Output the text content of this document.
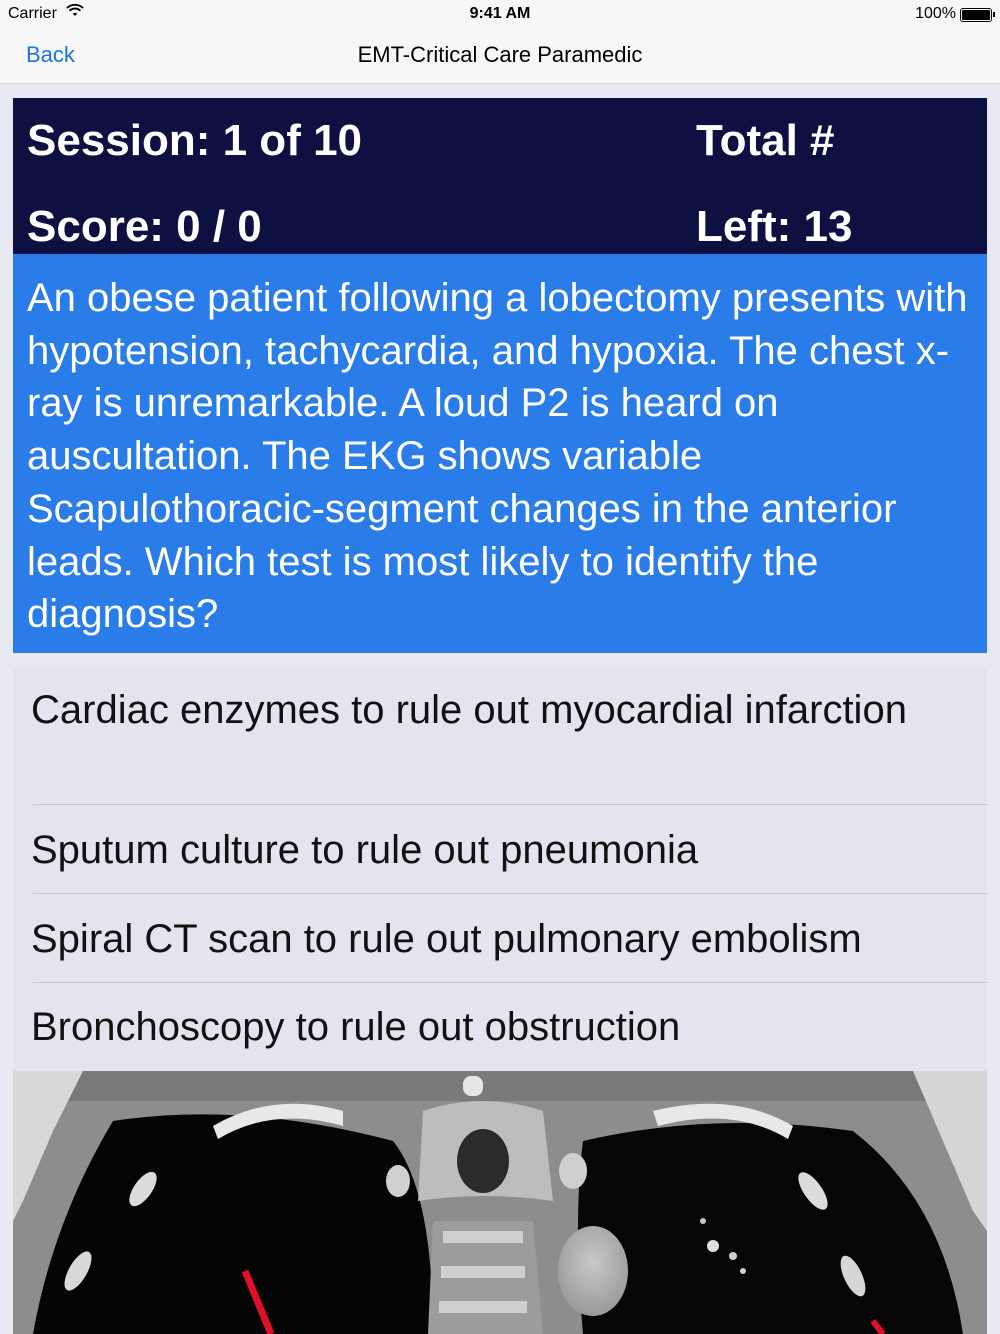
Carrier	9:41 AM	100%
Back	EMT-Critical Care Paramedic
Session: 1 of 10	Total #
Score: 0 / 0	Left: 13
An obese patient following a lobectomy presents with hypotension, tachycardia, and hypoxia. The chest x-ray is unremarkable. A loud P2 is heard on auscultation. The EKG shows variable Scapulothoracic-segment changes in the anterior leads. Which test is most likely to identify the diagnosis?
Cardiac enzymes to rule out myocardial infarction
Sputum culture to rule out pneumonia
Spiral CT scan to rule out pulmonary embolism
Bronchoscopy to rule out obstruction
